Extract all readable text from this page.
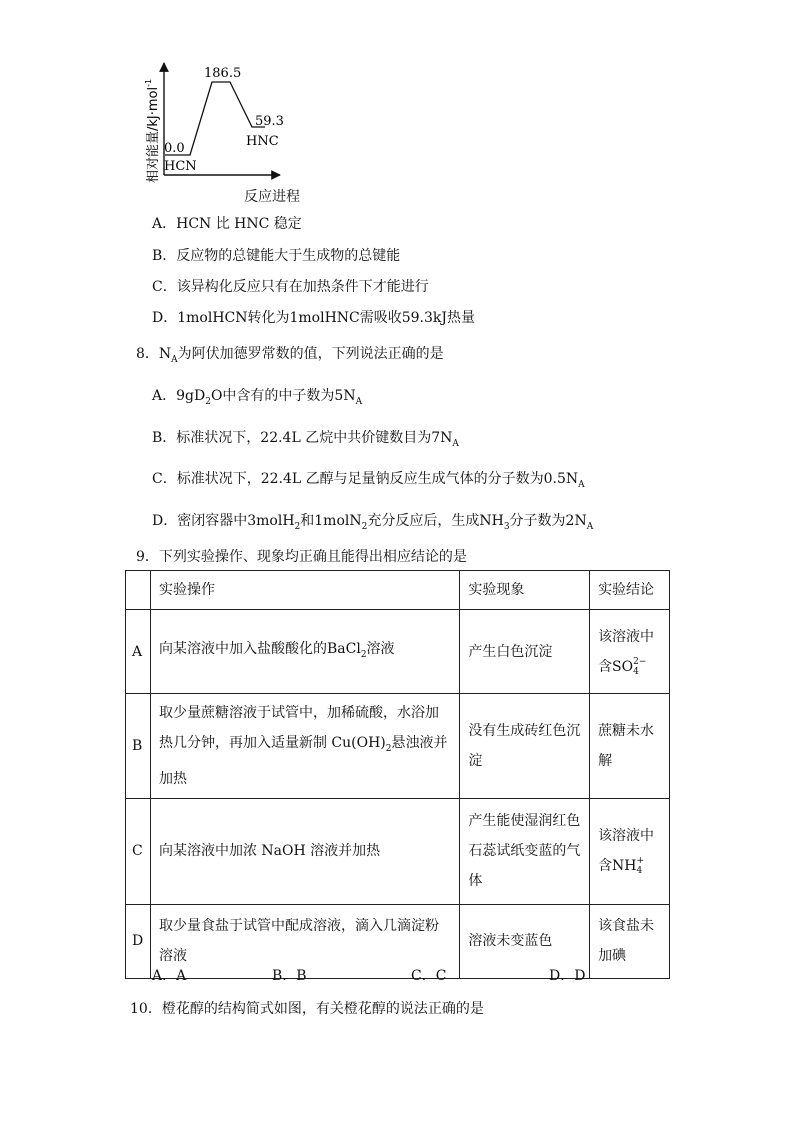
186.5
0.0
HCN
59.3
HNC
相对能量/kJ·mol$^{-1}$
反应进程
A．HCN 比 HNC 稳定
B．反应物的总键能大于生成物的总键能
C．该异构化反应只有在加热条件下才能进行
D．1molHCN转化为1molHNC需吸收59.3kJ热量
8．$N_A$为阿伏加德罗常数的值，下列说法正确的是
A．$9gD_2O$中含有的中子数为$5N_A$
B．标准状况下，22.4L 乙烷中共价键数目为$7N_A$
C．标准状况下，22.4L 乙醇与足量钠反应生成气体的分子数为$0.5N_A$
D．密闭容器中3molH$_2$和1molN$_2$充分反应后，生成$NH_3$分子数为$2N_A$
9．下列实验操作、现象均正确且能得出相应结论的是
	实验操作	实验现象	实验结论
A	向某溶液中加入盐酸酸化的BaCl$_2$溶液	产生白色沉淀	该溶液中
含SO2−
4
B	取少量蔗糖溶液于试管中，加稀硫酸，水浴加热几分钟，再加入适量新制 $Cu(OH)_2$悬浊液并加热	没有生成砖红色沉淀	蔗糖未水解
C	向某溶液中加浓 NaOH 溶液并加热	产生能使湿润红色石蕊试纸变蓝的气体	该溶液中
含NH+
4
D	取少量食盐于试管中配成溶液，滴入几滴淀粉溶液	溶液未变蓝色	该食盐未加碘
A．A	B．B	C．C	D．D
10．橙花醇的结构简式如图，有关橙花醇的说法正确的是
